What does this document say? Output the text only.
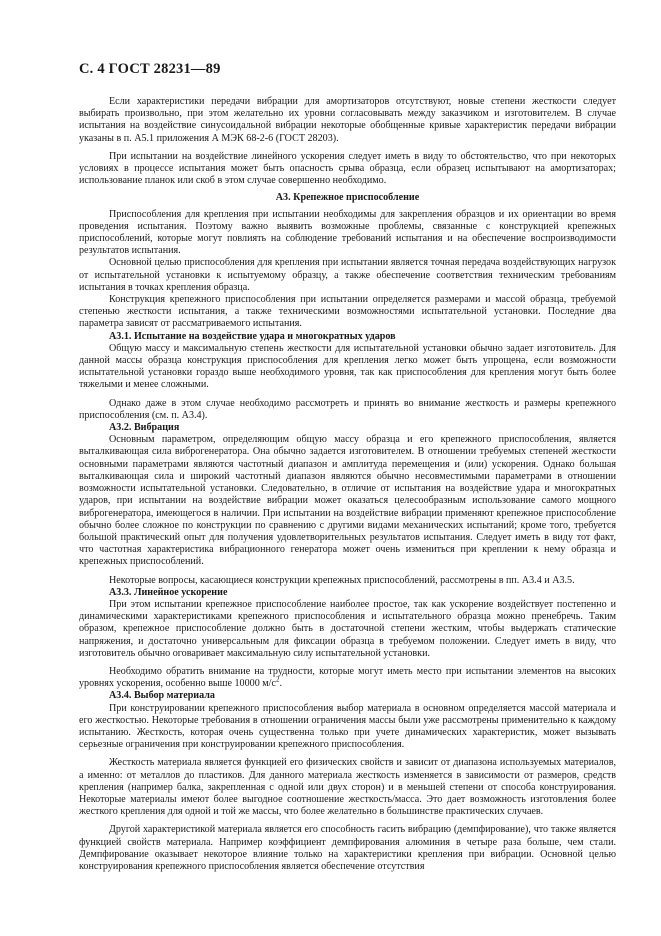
С. 4 ГОСТ 28231—89

Если характеристики передачи вибрации для амортизаторов отсутствуют, новые степени жесткости следует выбирать произвольно, при этом желательно их уровни согласовывать между заказчиком и изготовителем. В случае испытания на воздействие синусоидальной вибрации некоторые обобщенные кривые характеристик передачи вибрации указаны в п. А5.1 приложения А МЭК 68-2-6 (ГОСТ 28203).

При испытании на воздействие линейного ускорения следует иметь в виду то обстоятельство, что при некоторых условиях в процессе испытания может быть опасность срыва образца, если образец испытывают на амортизаторах; использование планок или скоб в этом случае совершенно необходимо.

А3. Крепежное приспособление

Приспособления для крепления при испытании необходимы для закрепления образцов и их ориентации во время проведения испытания. Поэтому важно выявить возможные проблемы, связанные с конструкцией крепежных приспособлений, которые могут повлиять на соблюдение требований испытания и на обеспечение воспроизводимости результатов испытания.

Основной целью приспособления для крепления при испытании является точная передача воздействующих нагрузок от испытательной установки к испытуемому образцу, а также обеспечение соответствия техническим требованиям испытания в точках крепления образца.

Конструкция крепежного приспособления при испытании определяется размерами и массой образца, требуемой степенью жесткости испытания, а также техническими возможностями испытательной установки. Последние два параметра зависят от рассматриваемого испытания.

А3.1. Испытание на воздействие удара и многократных ударов

Общую массу и максимальную степень жесткости для испытательной установки обычно задает изготовитель. Для данной массы образца конструкция приспособления для крепления легко может быть упрощена, если возможности испытательной установки гораздо выше необходимого уровня, так как приспособления для крепления могут быть более тяжелыми и менее сложными.

Однако даже в этом случае необходимо рассмотреть и принять во внимание жесткость и размеры крепежного приспособления (см. п. А3.4).

А3.2. Вибрация

Основным параметром, определяющим общую массу образца и его крепежного приспособления, является выталкивающая сила виброгенератора. Она обычно задается изготовителем. В отношении требуемых степеней жесткости основными параметрами являются частотный диапазон и амплитуда перемещения и (или) ускорения. Однако большая выталкивающая сила и широкий частотный диапазон являются обычно несовместимыми параметрами в отношении возможности испытательной установки. Следовательно, в отличие от испытания на воздействие удара и многократных ударов, при испытании на воздействие вибрации может оказаться целесообразным использование самого мощного виброгенератора, имеющегося в наличии. При испытании на воздействие вибрации применяют крепежное приспособление обычно более сложное по конструкции по сравнению с другими видами механических испытаний; кроме того, требуется большой практический опыт для получения удовлетворительных результатов испытания. Следует иметь в виду тот факт, что частотная характеристика вибрационного генератора может очень измениться при креплении к нему образца и крепежных приспособлений.

Некоторые вопросы, касающиеся конструкции крепежных приспособлений, рассмотрены в пп. А3.4 и А3.5.

А3.3. Линейное ускорение

При этом испытании крепежное приспособление наиболее простое, так как ускорение воздействует постепенно и динамическими характеристиками крепежного приспособления и испытательного образца можно пренебречь. Таким образом, крепежное приспособление должно быть в достаточной степени жестким, чтобы выдержать статические напряжения, и достаточно универсальным для фиксации образца в требуемом положении. Следует иметь в виду, что изготовитель обычно оговаривает максимальную силу испытательной установки.

Необходимо обратить внимание на трудности, которые могут иметь место при испытании элементов на высоких уровнях ускорения, особенно выше 10000 $м/с^2$.

А3.4. Выбор материала

При конструировании крепежного приспособления выбор материала в основном определяется массой материала и его жесткостью. Некоторые требования в отношении ограничения массы были уже рассмотрены применительно к каждому испытанию. Жесткость, которая очень существенна только при учете динамических характеристик, может вызывать серьезные ограничения при конструировании крепежного приспособления.

Жесткость материала является функцией его физических свойств и зависит от диапазона используемых материалов, а именно: от металлов до пластиков. Для данного материала жесткость изменяется в зависимости от размеров, средств крепления (например балка, закрепленная с одной или двух сторон) и в меньшей степени от способа конструирования. Некоторые материалы имеют более выгодное соотношение жесткость/масса. Это дает возможность изготовления более жесткого крепления для одной и той же массы, что более желательно в большинстве практических случаев.

Другой характеристикой материала является его способность гасить вибрацию (демпфирование), что также является функцией свойств материала. Например коэффициент демпфирования алюминия в четыре раза больше, чем стали. Демпфирование оказывает некоторое влияние только на характеристики крепления при вибрации. Основной целью конструирования крепежного приспособления является обеспечение отсутствия
